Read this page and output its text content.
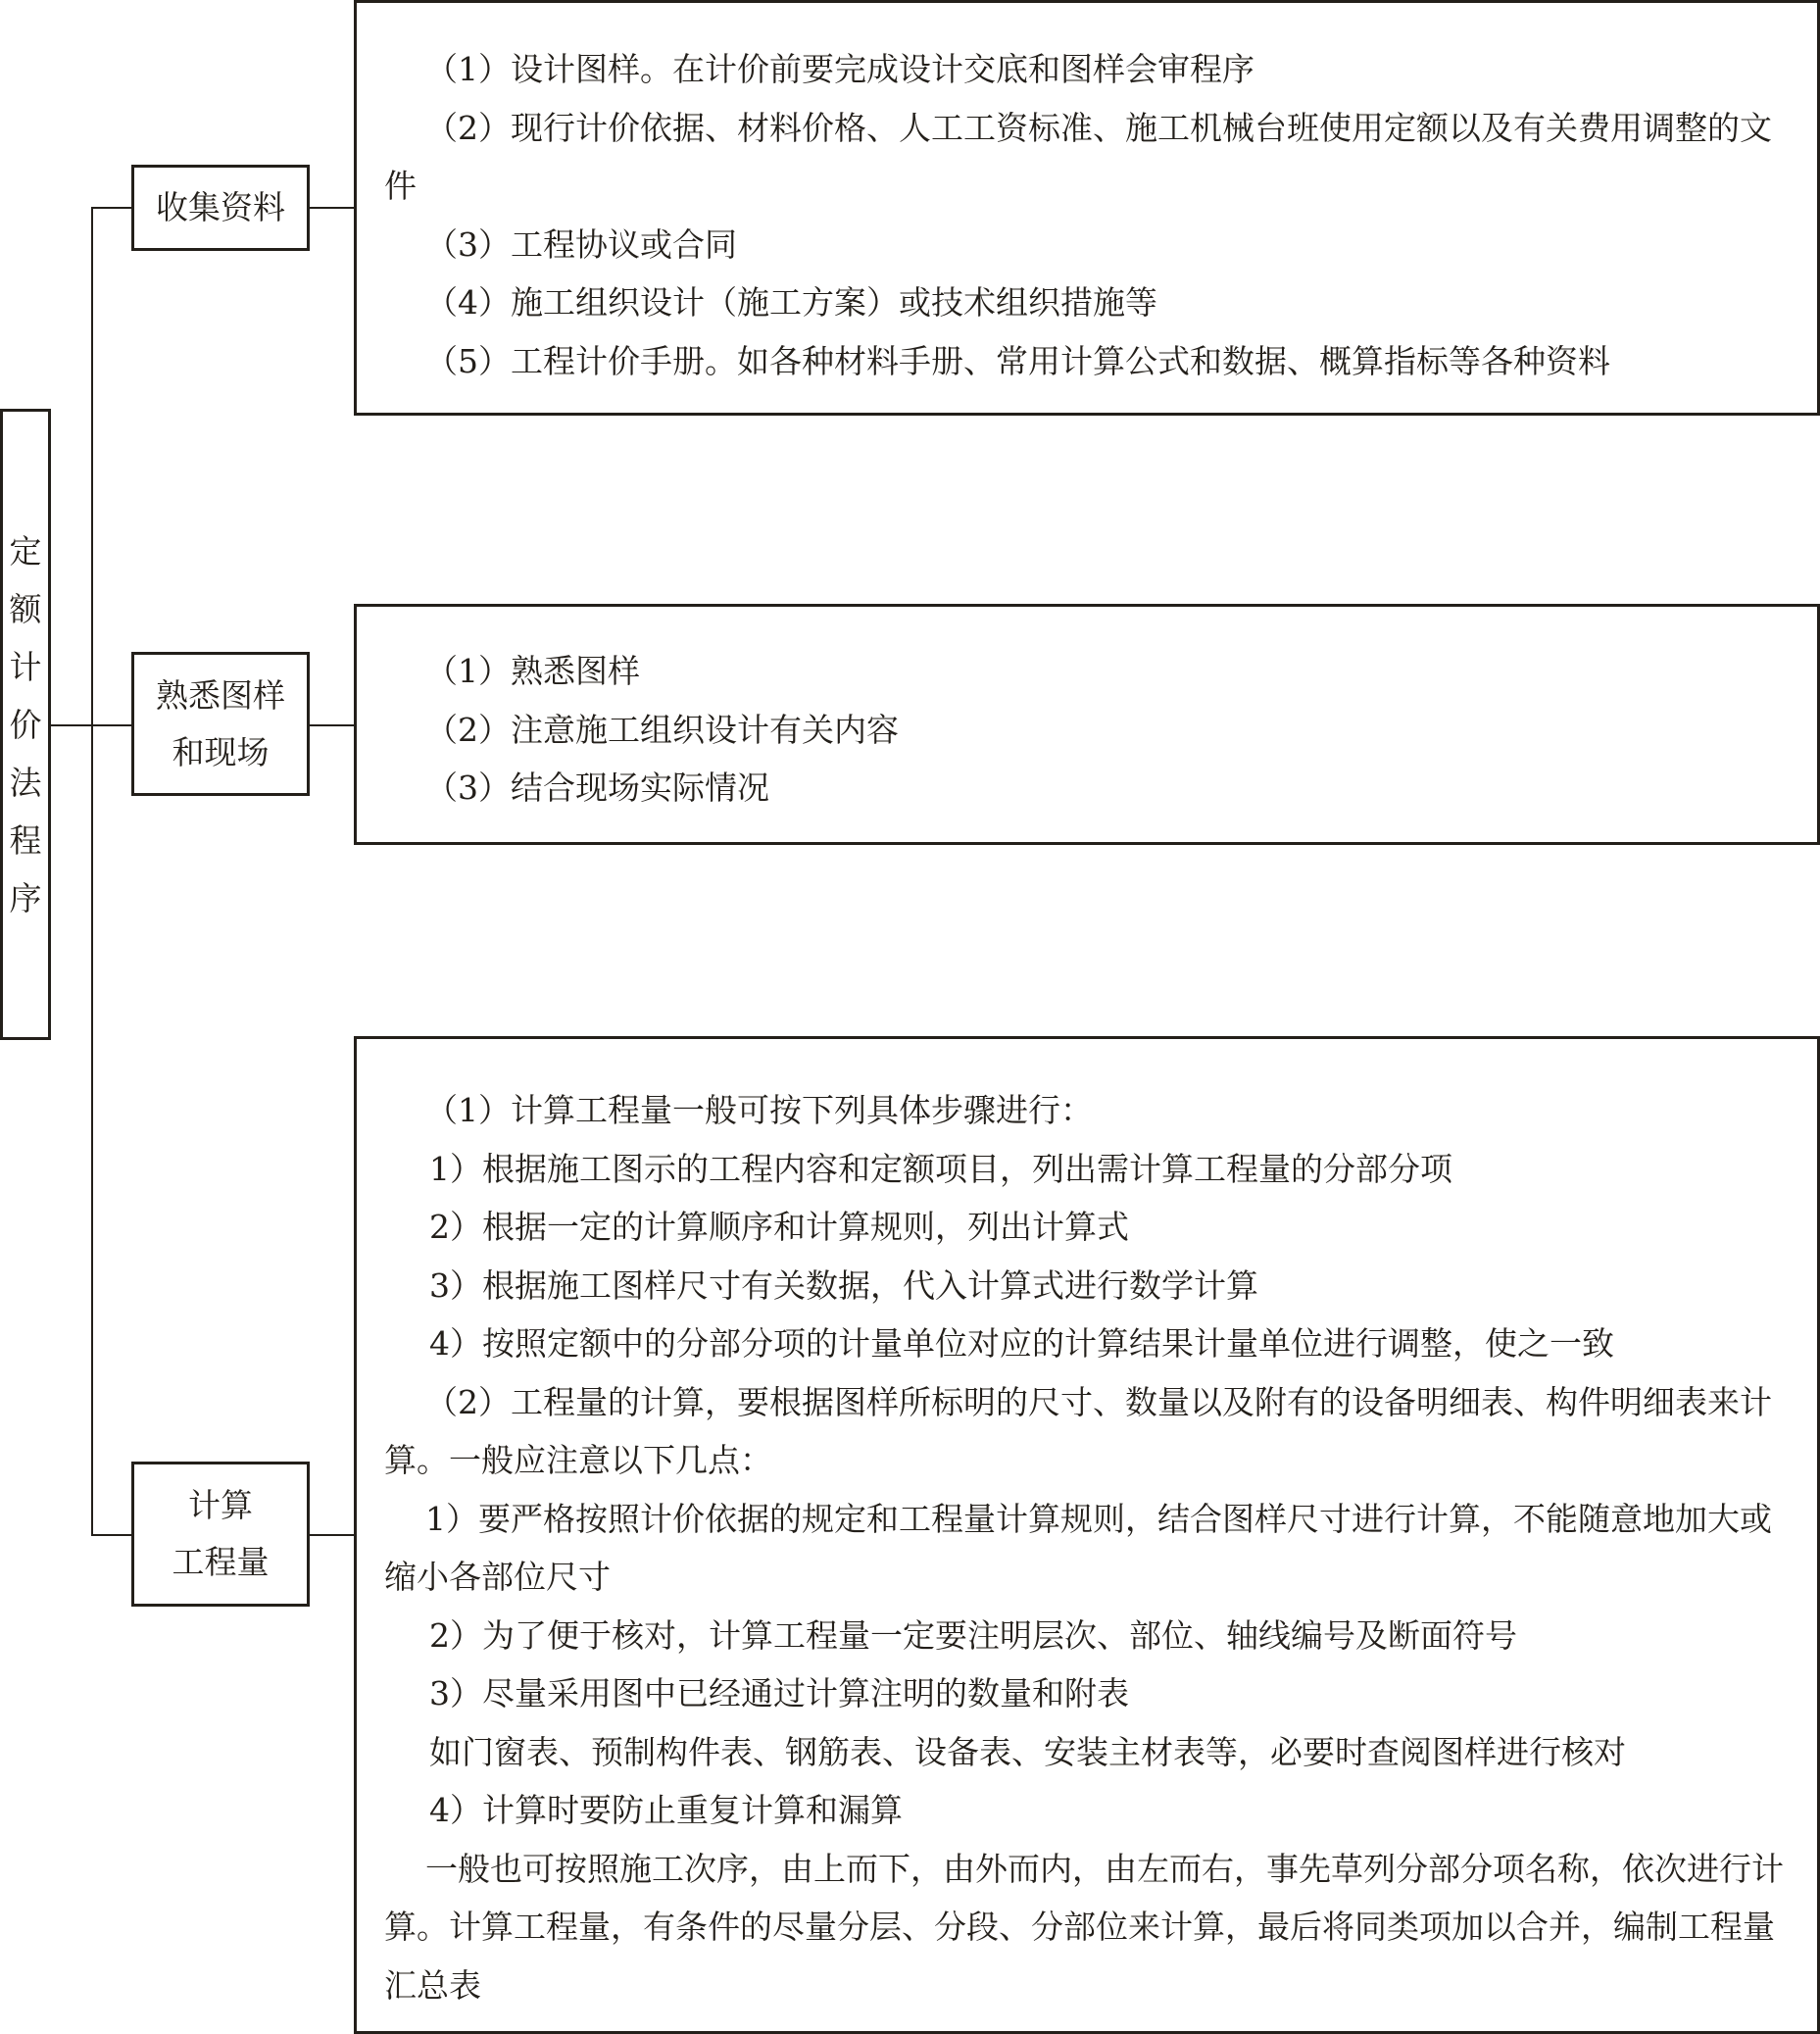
定额计价法程序
收集资料
（1）设计图样。在计价前要完成设计交底和图样会审程序
（2）现行计价依据、材料价格、人工工资标准、施工机械台班使用定额以及有关费用调整的文件
（3）工程协议或合同
（4）施工组织设计（施工方案）或技术组织措施等
（5）工程计价手册。如各种材料手册、常用计算公式和数据、概算指标等各种资料
熟悉图样
和现场
（1）熟悉图样
（2）注意施工组织设计有关内容
（3）结合现场实际情况
计算
工程量
（1）计算工程量一般可按下列具体步骤进行：
1）根据施工图示的工程内容和定额项目，列出需计算工程量的分部分项
2）根据一定的计算顺序和计算规则，列出计算式
3）根据施工图样尺寸有关数据，代入计算式进行数学计算
4）按照定额中的分部分项的计量单位对应的计算结果计量单位进行调整，使之一致
（2）工程量的计算，要根据图样所标明的尺寸、数量以及附有的设备明细表、构件明细表来计算。一般应注意以下几点：
1）要严格按照计价依据的规定和工程量计算规则，结合图样尺寸进行计算，不能随意地加大或缩小各部位尺寸
2）为了便于核对，计算工程量一定要注明层次、部位、轴线编号及断面符号
3）尽量采用图中已经通过计算注明的数量和附表
如门窗表、预制构件表、钢筋表、设备表、安装主材表等，必要时查阅图样进行核对
4）计算时要防止重复计算和漏算
一般也可按照施工次序，由上而下，由外而内，由左而右，事先草列分部分项名称，依次进行计算。计算工程量，有条件的尽量分层、分段、分部位来计算，最后将同类项加以合并，编制工程量汇总表
